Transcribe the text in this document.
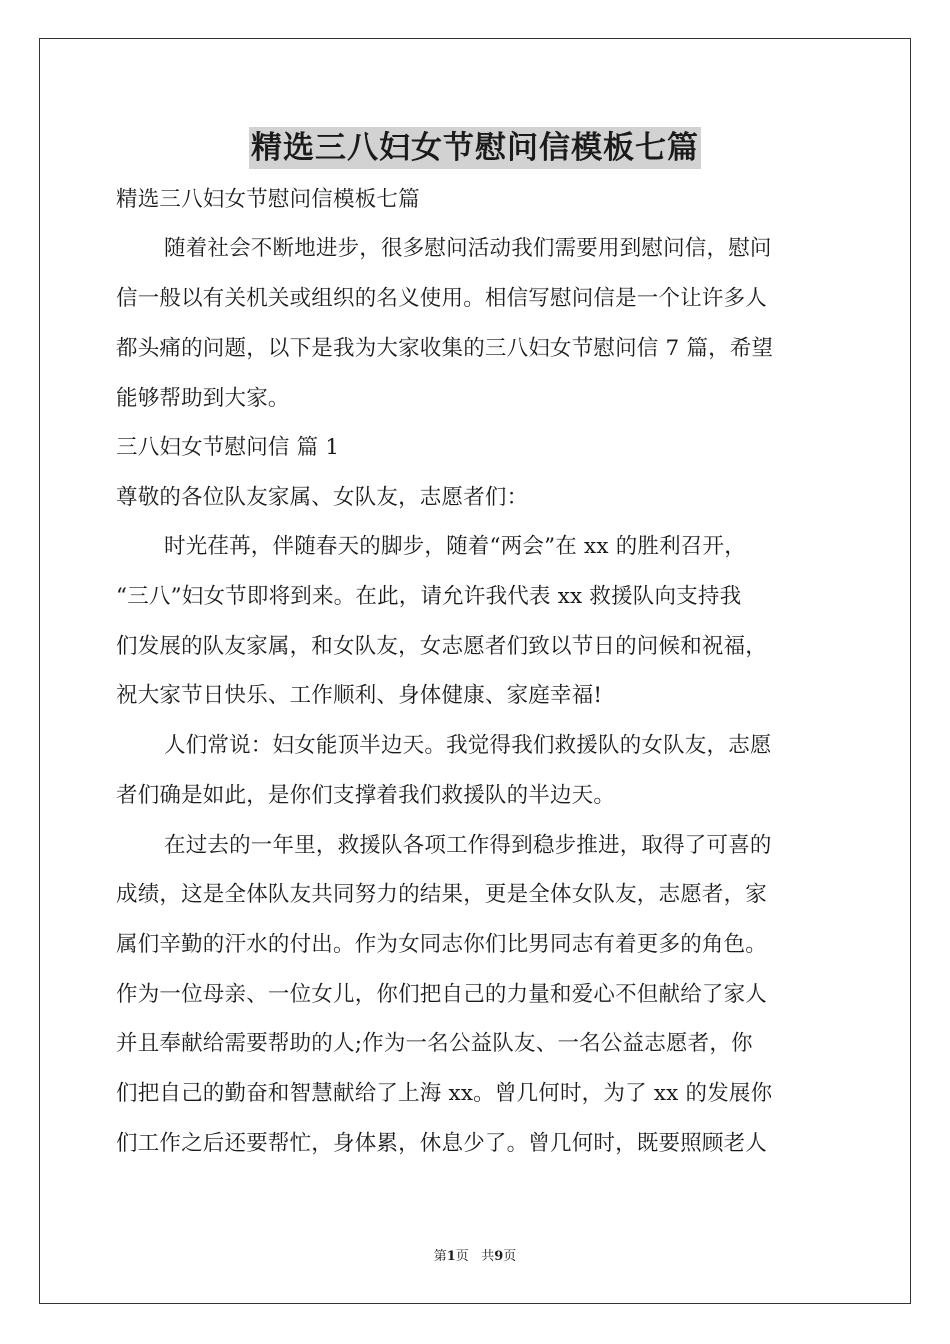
精选三八妇女节慰问信模板七篇
精选三八妇女节慰问信模板七篇
随着社会不断地进步，很多慰问活动我们需要用到慰问信，慰问
信一般以有关机关或组织的名义使用。相信写慰问信是一个让许多人
都头痛的问题，以下是我为大家收集的三八妇女节慰问信 7 篇，希望
能够帮助到大家。
三八妇女节慰问信 篇 1
尊敬的各位队友家属、女队友，志愿者们：
时光荏苒，伴随春天的脚步，随着“两会”在 xx 的胜利召开，
“三八”妇女节即将到来。在此，请允许我代表 xx 救援队向支持我
们发展的队友家属，和女队友，女志愿者们致以节日的问候和祝福，
祝大家节日快乐、工作顺利、身体健康、家庭幸福!
人们常说：妇女能顶半边天。我觉得我们救援队的女队友，志愿
者们确是如此，是你们支撑着我们救援队的半边天。
在过去的一年里，救援队各项工作得到稳步推进，取得了可喜的
成绩，这是全体队友共同努力的结果，更是全体女队友，志愿者，家
属们辛勤的汗水的付出。作为女同志你们比男同志有着更多的角色。
作为一位母亲、一位女儿，你们把自己的力量和爱心不但献给了家人
并且奉献给需要帮助的人;作为一名公益队友、一名公益志愿者，你
们把自己的勤奋和智慧献给了上海 xx。曾几何时，为了 xx 的发展你
们工作之后还要帮忙，身体累，休息少了。曾几何时，既要照顾老人
第1页 共9页
